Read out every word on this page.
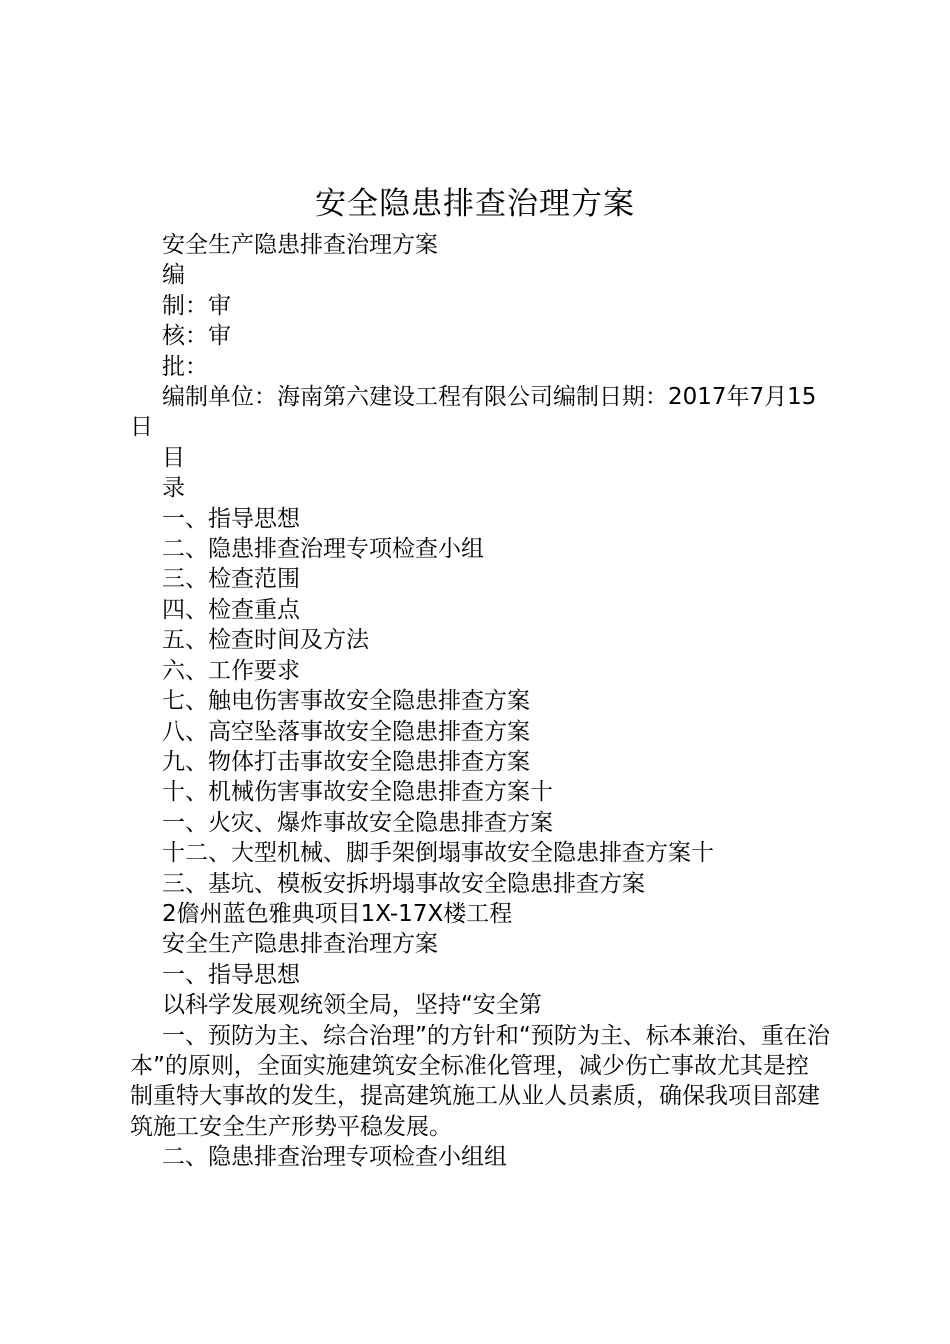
安全隐患排查治理方案

安全生产隐患排查治理方案

编

制：审

核：审

批：

编制单位：海南第六建设工程有限公司编制日期：2017年7月15日

目

录

一、指导思想

二、隐患排查治理专项检查小组

三、检查范围

四、检查重点

五、检查时间及方法

六、工作要求

七、触电伤害事故安全隐患排查方案

八、高空坠落事故安全隐患排查方案

九、物体打击事故安全隐患排查方案

十、机械伤害事故安全隐患排查方案十

一、火灾、爆炸事故安全隐患排查方案

十二、大型机械、脚手架倒塌事故安全隐患排查方案十

三、基坑、模板安拆坍塌事故安全隐患排查方案

2儋州蓝色雅典项目1X-17X楼工程

安全生产隐患排查治理方案

一、指导思想

以科学发展观统领全局，坚持“安全第

一、预防为主、综合治理”的方针和“预防为主、标本兼治、重在治本”的原则，全面实施建筑安全标准化管理，减少伤亡事故尤其是控制重特大事故的发生，提高建筑施工从业人员素质，确保我项目部建筑施工安全生产形势平稳发展。

二、隐患排查治理专项检查小组组
